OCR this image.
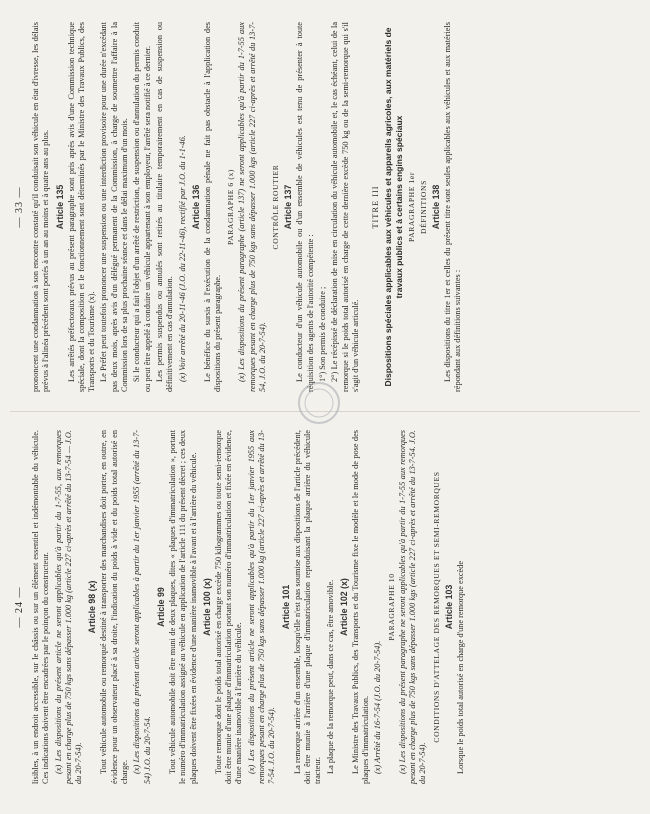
— 24 — lisibles, à un endroit accessible, sur le châssis ou sur un élément essentiel et indémontable du véhicule. Ces indications doivent être encadrées par le poinçon du constructeur. (x) Les dispositions du présent article ne seront applicables qu'à partir du 1-7-55, aux remorques pesant en charge plus de 750 kgs sans dépasser 1.000 kg (article 227 ci-après et arrêté du 13-7-54 — J.O. du 20-7-54).

Article 98 (x) Tout véhicule automobile ou remorqué destiné à transporter des marchandises doit porter, en outre, en évidence pour un observateur placé à sa droite, l'indication du poids à vide et du poids total autorisé en charge. (x) Les dispositions du présent article seront applicables à partir du 1er janvier 1955 (arrêté du 13-7-54) J.O. du 20-7-54.

Article 99 Tout véhicule automobile doit être muni de deux plaques, dites « plaques d'immatriculation », portant le numéro d'immatriculation assigné au véhicule en application de l'article 111 du présent décret ; ces deux plaques doivent être fixées en évidence d'une manière inamovible à l'avant et à l'arrière du véhicule. Article 100 (x) Toute remorque dont le poids total autorisé en charge excède 750 kilogrammes ou toute semi-remorque doit être munie d'une plaque d'immatriculation portant son numéro d'immatriculation et fixée en évidence, d'une manière inamovible à l'arrière du véhicule. (x) Les dispositions du présent article ne seront applicables qu'à partir du 1er janvier 1955 aux remorques pesant en charge plus de 750 kgs sans dépasser 1.000 kg (article 227 ci-après et arrêté du 13-7-54. J.O. du 20-7-54).

Article 101 La remorque arrière d'un ensemble, lorsqu'elle n'est pas soumise aux dispositions de l'article précédent, doit être munie à l'arrière d'une plaque d'immatriculation reproduisant la plaque arrière du véhicule tracteur. La plaque de la remorque peut, dans ce cas, être amovible. Article 102 (x) Le Ministre des Travaux Publics, des Transports et du Tourisme fixe le modèle et le mode de pose des plaques d'immatriculation. (x) Arrêté du 16-7-54 (J.O. du 20-7-54).

PARAGRAPHE 10 (x) Les dispositions du présent paragraphe ne seront applicables qu'à partir du 1-7-55 aux remorques pesant en charge plus de 750 kgs sans dépasser 1.000 kgs (article 227 ci-après et arrêté du 13-7-54. J.O. du 20-7-54).

CONDITIONS D'ATTELAGE DES REMORQUES ET SEMI-REMORQUES Article 103 Lorsque le poids total autorisé en charge d'une remorque excède

— 33 — prononcent une condamnation à son encontre constaté qu'il conduisait son véhicule en état d'ivresse, les délais prévus à l'alinéa précédent sont portés à un an au moins et à quatre ans au plus. Article 135 Les arrêtés préfectoraux prévus au présent paragraphe sont pris après avis d'une Commission technique spéciale, dont la composition et le fonctionnement sont déterminés par le Ministre des Travaux Publics, des Transports et du Tourisme (x). Le Préfet peut toutefois prononcer une suspension ou une interdiction provisoire pour une durée n'excédant pas deux mois, après avis d'un délégué permanent de la Commission, à charge de soumettre l'affaire à la Commission lors de sa plus prochaine séance et dans le délai maximum d'un mois. Si le conducteur qui a fait l'objet d'un arrêté de restriction, de suspension ou d'annulation du permis conduit ou peut être appelé à conduire un véhicule appartenant à son employeur, l'arrêté sera notifié à ce dernier. Les permis suspendus ou annulés sont retirés au titulaire temporairement en cas de suspension ou définitivement en cas d'annulation. (x) Voir arrêté du 20-11-46 (J.O. du 22-11-46), rectifié par J.O. du 1-1-46. Article 136 Le bénéfice du sursis à l'exécution de la condamnation pénale ne fait pas obstacle à l'application des dispositions du présent paragraphe.

PARAGRAPHE 6 (x) (x) Les dispositions du présent paragraphe (article 137) ne seront applicables qu'à partir du 1-7-55 aux remorques pesant en charge plus de 750 kgs sans dépasser 1.000 kgs (article 227 ci-après et arrêté du 13-7-54, J.O. du 20-7-54).

CONTRÔLE ROUTIER Article 137 Le conducteur d'un véhicule automobile ou d'un ensemble de véhicules est tenu de présenter à toute réquisition des agents de l'autorité compétente : 1°) Son permis de conduire ; 2°) Le récépissé de déclaration de mise en circulation du véhicule automobile et, le cas échéant, celui de la remorque si le poids total autorisé en charge de cette dernière excède 750 kg ou de la semi-remorque qui s'il s'agit d'un véhicule articulé.

TITRE III Dispositions spéciales applicables aux véhicules et appareils agricoles, aux matériels de travaux publics et à certains engins spéciaux PARAGRAPHE 1er DÉFINITIONS Article 138 Les dispositions du titre 1er et celles du présent titre sont seules applicables aux véhicules et aux matériels répondant aux définitions suivantes :
